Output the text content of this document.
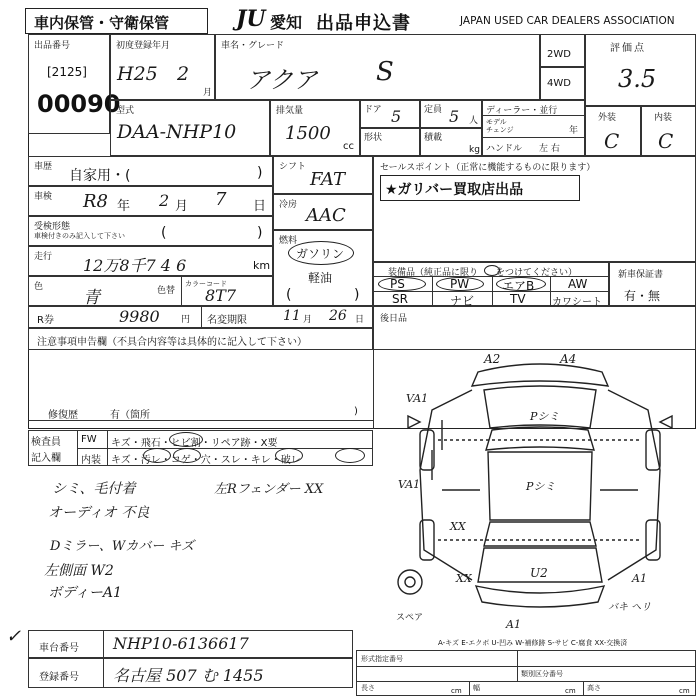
車内保管・守衛保管	JU 愛知 出品申込書	JAPAN USED CAR DEALERS ASSOCIATION
出品番号
[2125]
00090
初度登録年月
H25 2
月
車名・グレード
アクア S
2WD
4WD
評価点
3.5
外装
C
内装
C
型式
DAA-NHP10
排気量
1500
cc
ドア 5	定員 5 人
形状	積載
kg
ディーラー・並行
モデル
チェンジ	年
ハンドル 左 右
車歴
自家用・(	)
車検 R8 年 2 月 7 日
受検形態
車検付きのみ記入して下さい	(	)
走行 12万8千7 4 6	km
色
青	色替
カラーコード
8T7
シフト
FAT
冷房 AAC
燃料
ガソリン
軽油
(	)
セールスポイント（正常に機能するものに限ります）
★ガリバー買取店出品
装備品（純正品に限り をつけてください）
PS	PW	エアB	AW
SR	ナビ	TV	カワシート
新車保証書
有・無
R券	9980 円 名変期限	11 月 26 日 後日品
注意事項申告欄（不具合内容等は具体的に記入して下さい）
修復歴	有（箇所	)
検査員
記入欄
FW キズ・飛石・ヒビ割・リペア跡・X要
内装 キズ・汚レ・コゲ・穴・スレ・キレ・破レ
シミ、毛付着	左Rフェンダー XX
オーディオ 不良
Dミラー、Wカバー キズ
左側面 W2
ボディーA1
A2	A4
VA1
Pシミ
VA1	Pシミ
XX
XX	U2	A1
スペア	A1
バキ ヘリ
A-キズ E-エクボ U-凹み W-補修跡 S-サビ C-腐食 XX-交換済
✓
車台番号 NHP10-6136617
登録番号 名古屋 507 む 1455
形式指定番号
類別区分番号
長さ	cm 幅	cm 高さ	cm
